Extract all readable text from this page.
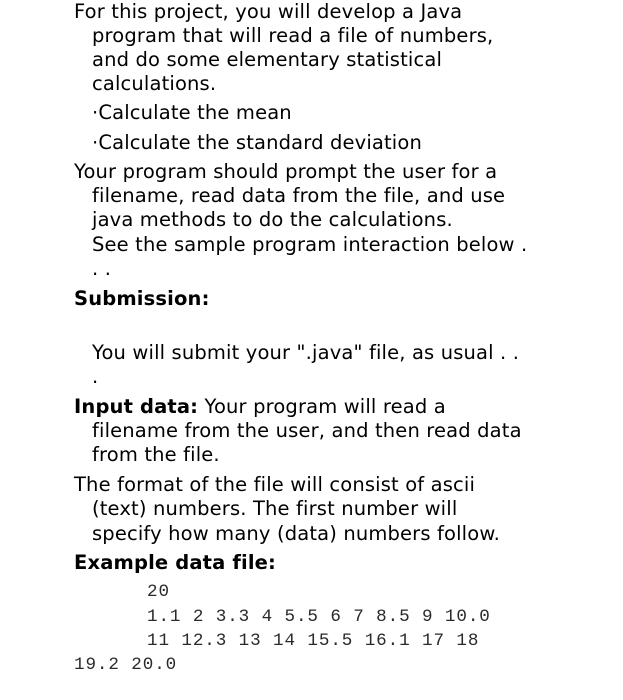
For this project, you will develop a Java
program that will read a file of numbers,
and do some elementary statistical
calculations.
·Calculate the mean
·Calculate the standard deviation
Your program should prompt the user for a
filename, read data from the file, and use
java methods to do the calculations.
See the sample program interaction below .
. .
Submission:
You will submit your ".java" file, as usual . .
.
Input data: Your program will read a
filename from the user, and then read data
from the file.
The format of the file will consist of ascii
(text) numbers. The first number will
specify how many (data) numbers follow.
Example data file:
20
1.1 2 3.3 4 5.5 6 7 8.5 9 10.0
11 12.3 13 14 15.5 16.1 17 18
19.2 20.0
